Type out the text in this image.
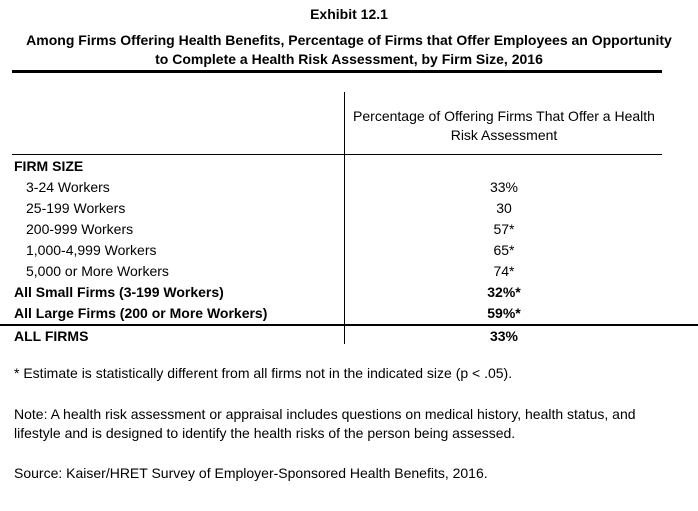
Exhibit 12.1
Among Firms Offering Health Benefits, Percentage of Firms that Offer Employees an Opportunity to Complete a Health Risk Assessment, by Firm Size, 2016
Percentage of Offering Firms That Offer a Health Risk Assessment
FIRM SIZE
3-24 Workers	33%
25-199 Workers	30
200-999 Workers	57*
1,000-4,999 Workers	65*
5,000 or More Workers	74*
All Small Firms (3-199 Workers)	32%*
All Large Firms (200 or More Workers)	59%*
ALL FIRMS	33%
* Estimate is statistically different from all firms not in the indicated size (p < .05).
Note: A health risk assessment or appraisal includes questions on medical history, health status, and lifestyle and is designed to identify the health risks of the person being assessed.
Source: Kaiser/HRET Survey of Employer-Sponsored Health Benefits, 2016.
